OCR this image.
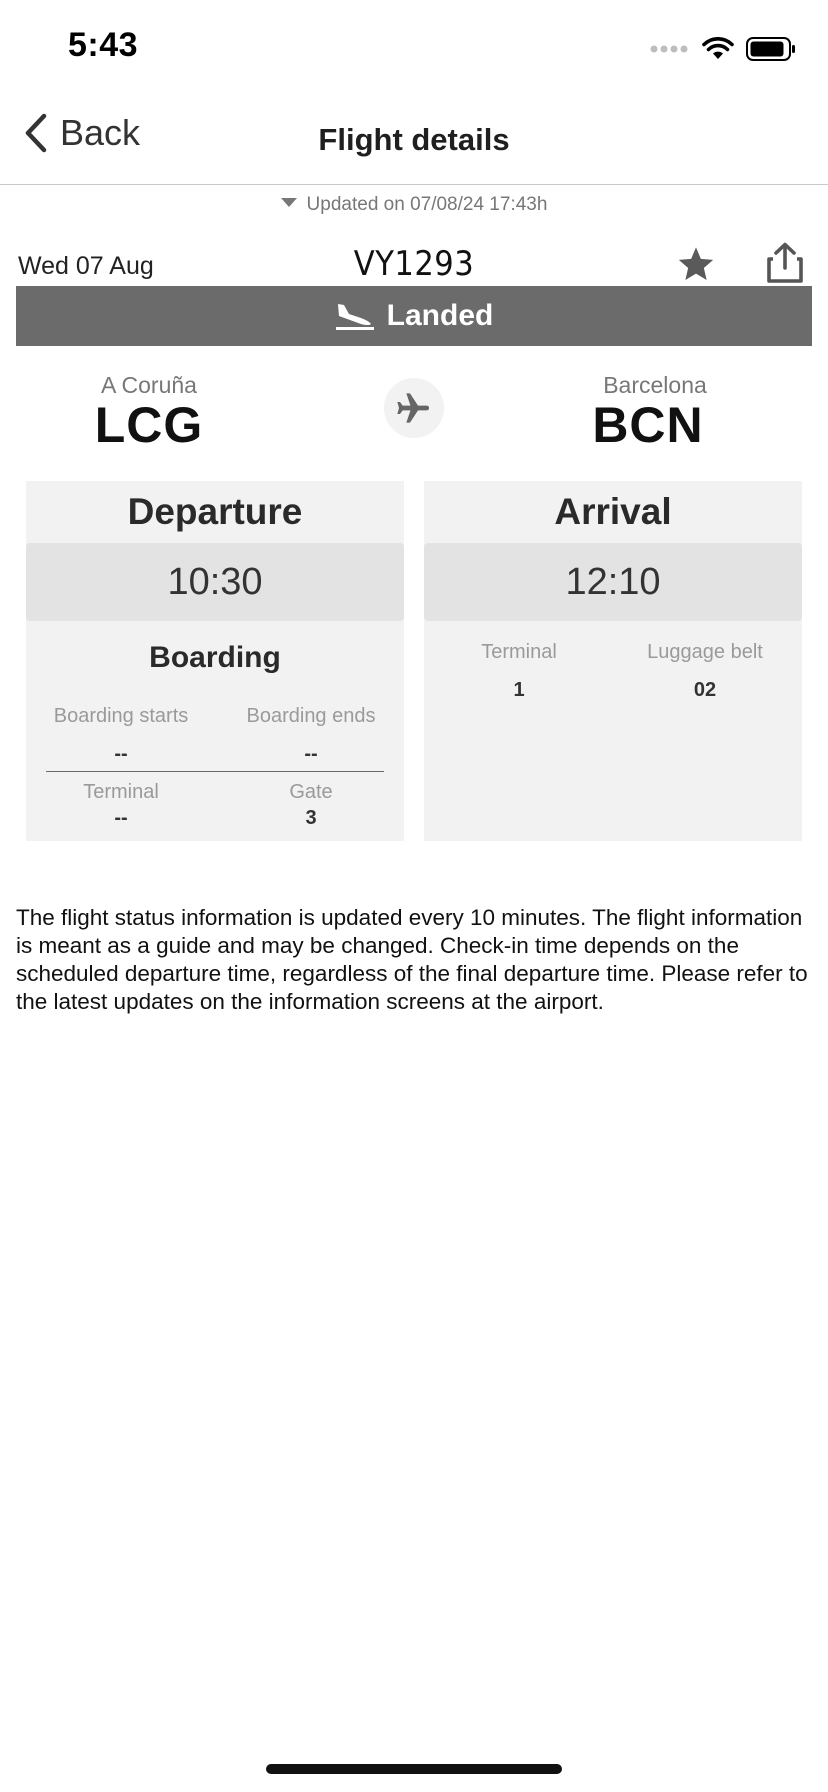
5:43
Back	Flight details
Updated on 07/08/24 17:43h
Wed 07 Aug	VY1293
Landed
A Coruña
LCG
Barcelona
BCN
Departure
10:30
Boarding
Boarding starts	Boarding ends
--	--
Terminal	Gate
--	3
Arrival
12:10
Terminal	Luggage belt
1	02
The flight status information is updated every 10 minutes. The flight information is meant as a guide and may be changed. Check-in time depends on the scheduled departure time, regardless of the final departure time. Please refer to the latest updates on the information screens at the airport.
